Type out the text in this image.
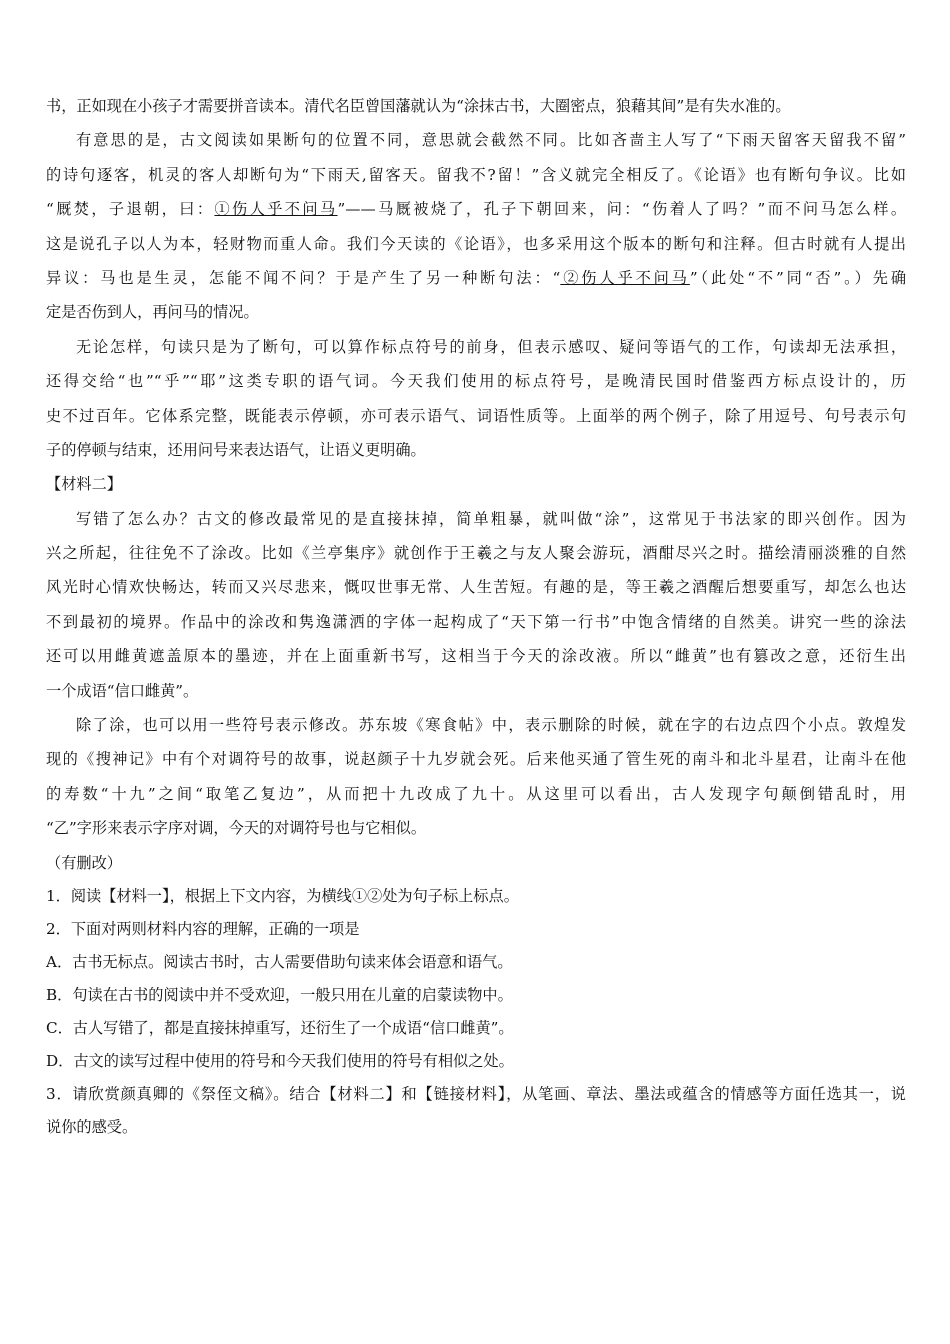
书，正如现在小孩子才需要拼音读本。清代名臣曾国藩就认为“涂抹古书，大圈密点，狼藉其间”是有失水准的。
有意思的是，古文阅读如果断句的位置不同，意思就会截然不同。比如吝啬主人写了“下雨天留客天留我不留”
的诗句逐客，机灵的客人却断句为“下雨天,留客天。留我不?留！”含义就完全相反了。《论语》也有断句争议。比如
“厩焚，子退朝，曰：①伤人乎不问马”——马厩被烧了，孔子下朝回来，问：“伤着人了吗？”而不问马怎么样。
这是说孔子以人为本，轻财物而重人命。我们今天读的《论语》，也多采用这个版本的断句和注释。但古时就有人提出
异议：马也是生灵，怎能不闻不问？于是产生了另一种断句法：“②伤人乎不问马”（此处“不”同“否”。）先确
定是否伤到人，再问马的情况。
无论怎样，句读只是为了断句，可以算作标点符号的前身，但表示感叹、疑问等语气的工作，句读却无法承担，
还得交给“也”“乎”“耶”这类专职的语气词。今天我们使用的标点符号，是晚清民国时借鉴西方标点设计的，历
史不过百年。它体系完整，既能表示停顿，亦可表示语气、词语性质等。上面举的两个例子，除了用逗号、句号表示句
子的停顿与结束，还用问号来表达语气，让语义更明确。
【材料二】
写错了怎么办？古文的修改最常见的是直接抹掉，简单粗暴，就叫做“涂”，这常见于书法家的即兴创作。因为
兴之所起，往往免不了涂改。比如《兰亭集序》就创作于王羲之与友人聚会游玩，酒酣尽兴之时。描绘清丽淡雅的自然
风光时心情欢快畅达，转而又兴尽悲来，慨叹世事无常、人生苦短。有趣的是，等王羲之酒醒后想要重写，却怎么也达
不到最初的境界。作品中的涂改和隽逸潇洒的字体一起构成了“天下第一行书”中饱含情绪的自然美。讲究一些的涂法
还可以用雌黄遮盖原本的墨迹，并在上面重新书写，这相当于今天的涂改液。所以“雌黄”也有篡改之意，还衍生出
一个成语“信口雌黄”。
除了涂，也可以用一些符号表示修改。苏东坡《寒食帖》中，表示删除的时候，就在字的右边点四个小点。敦煌发
现的《搜神记》中有个对调符号的故事，说赵颜子十九岁就会死。后来他买通了管生死的南斗和北斗星君，让南斗在他
的寿数“十九”之间“取笔乙复边”，从而把十九改成了九十。从这里可以看出，古人发现字句颠倒错乱时，用
“乙”字形来表示字序对调，今天的对调符号也与它相似。
（有删改）
1．阅读【材料一】，根据上下文内容，为横线①②处为句子标上标点。
2．下面对两则材料内容的理解，正确的一项是
A．古书无标点。阅读古书时，古人需要借助句读来体会语意和语气。
B．句读在古书的阅读中并不受欢迎，一般只用在儿童的启蒙读物中。
C．古人写错了，都是直接抹掉重写，还衍生了一个成语“信口雌黄”。
D．古文的读写过程中使用的符号和今天我们使用的符号有相似之处。
3．请欣赏颜真卿的《祭侄文稿》。结合【材料二】和【链接材料】，从笔画、章法、墨法或蕴含的情感等方面任选其一，说
说你的感受。
